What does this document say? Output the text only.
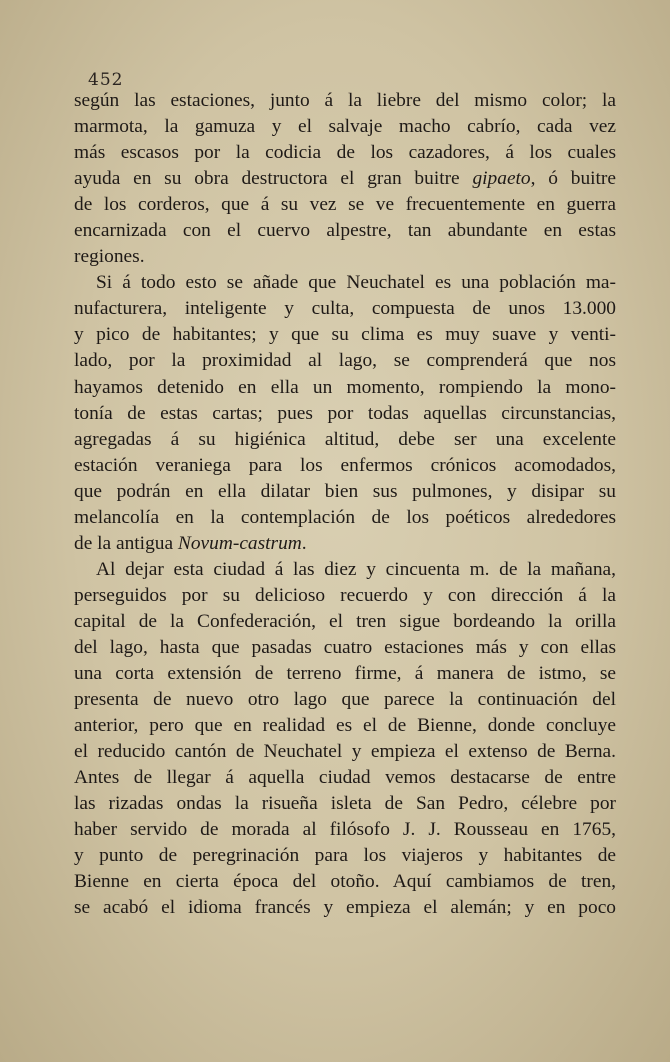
452
según las estaciones, junto á la liebre del mismo color; la
marmota, la gamuza y el salvaje macho cabrío, cada vez
más escasos por la codicia de los cazadores, á los cuales
ayuda en su obra destructora el gran buitre gipaeto, ó buitre
de los corderos, que á su vez se ve frecuentemente en guerra
encarnizada con el cuervo alpestre, tan abundante en estas
regiones.
Si á todo esto se añade que Neuchatel es una población ma-
nufacturera, inteligente y culta, compuesta de unos 13.000
y pico de habitantes; y que su clima es muy suave y venti-
lado, por la proximidad al lago, se comprenderá que nos
hayamos detenido en ella un momento, rompiendo la mono-
tonía de estas cartas; pues por todas aquellas circunstancias,
agregadas á su higiénica altitud, debe ser una excelente
estación veraniega para los enfermos crónicos acomodados,
que podrán en ella dilatar bien sus pulmones, y disipar su
melancolía en la contemplación de los poéticos alrededores
de la antigua Novum-castrum.
Al dejar esta ciudad á las diez y cincuenta m. de la mañana,
perseguidos por su delicioso recuerdo y con dirección á la
capital de la Confederación, el tren sigue bordeando la orilla
del lago, hasta que pasadas cuatro estaciones más y con ellas
una corta extensión de terreno firme, á manera de istmo, se
presenta de nuevo otro lago que parece la continuación del
anterior, pero que en realidad es el de Bienne, donde concluye
el reducido cantón de Neuchatel y empieza el extenso de Berna.
Antes de llegar á aquella ciudad vemos destacarse de entre
las rizadas ondas la risueña isleta de San Pedro, célebre por
haber servido de morada al filósofo J. J. Rousseau en 1765,
y punto de peregrinación para los viajeros y habitantes de
Bienne en cierta época del otoño. Aquí cambiamos de tren,
se acabó el idioma francés y empieza el alemán; y en poco
